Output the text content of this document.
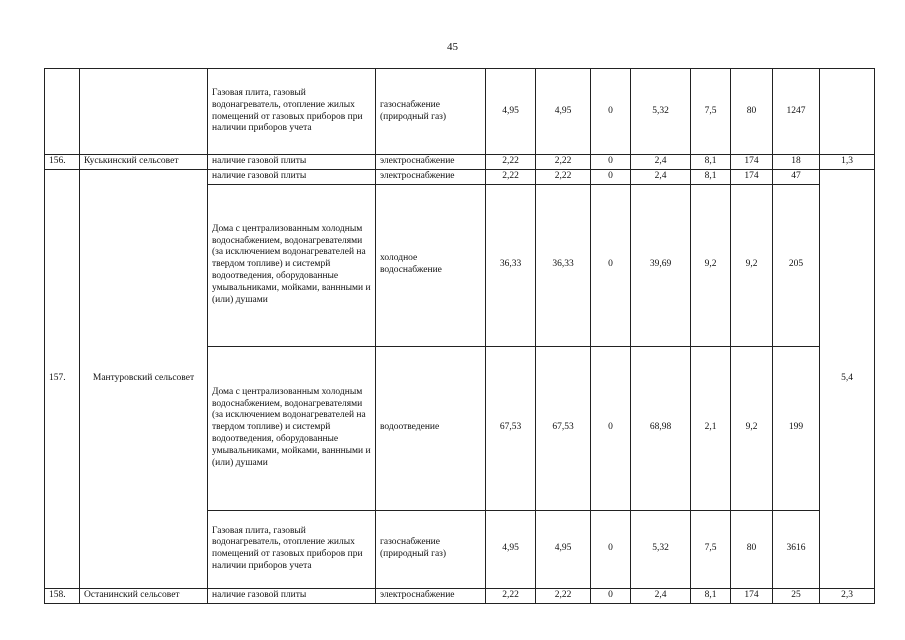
45
		Газовая плита, газовый водонагреватель, отопление жилых помещений от газовых приборов при наличии приборов учета	газоснабжение (природный газ)	4,95	4,95	0	5,32	7,5	80	1247	
156.	Куськинский сельсовет	наличие газовой плиты	электроснабжение	2,22	2,22	0	2,4	8,1	174	18	1,3
157.	Мантуровский сельсовет	наличие газовой плиты	электроснабжение	2,22	2,22	0	2,4	8,1	174	47	5,4
		Дома с централизованным холодным водоснабжением, водонагревателями (за исключением водонагревателей на твердом топливе) и системрй водоотведения, оборудованные умывальниками, мойками, ваннными и (или) душами	холодное водоснабжение	36,33	36,33	0	39,69	9,2	9,2	205	
		Дома с централизованным холодным водоснабжением, водонагревателями (за исключением водонагревателей на твердом топливе) и системрй водоотведения, оборудованные умывальниками, мойками, ваннными и (или) душами	водоотведение	67,53	67,53	0	68,98	2,1	9,2	199	
		Газовая плита, газовый водонагреватель, отопление жилых помещений от газовых приборов при наличии приборов учета	газоснабжение (природный газ)	4,95	4,95	0	5,32	7,5	80	3616	
158.	Останинский сельсовет	наличие газовой плиты	электроснабжение	2,22	2,22	0	2,4	8,1	174	25	2,3
